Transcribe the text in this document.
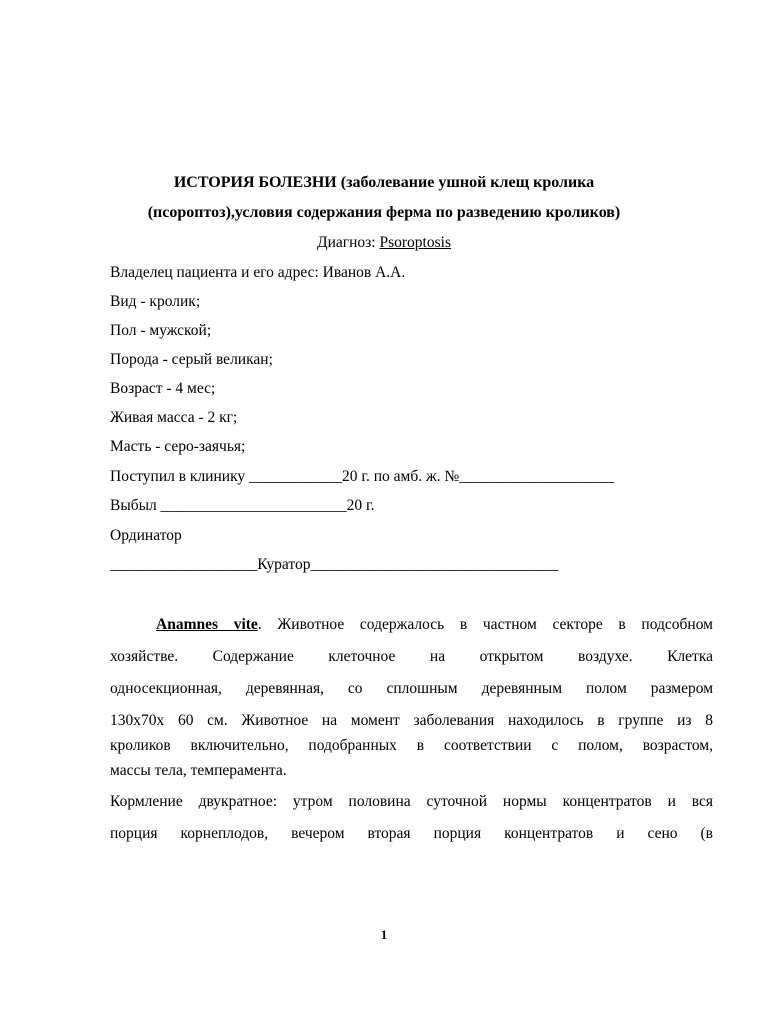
ИСТОРИЯ БОЛЕЗНИ (заболевание ушной клещ кролика
(псороптоз),условия содержания ферма по разведению кроликов)
Диагноз: Psoroptosis
Владелец пациента и его адрес: Иванов А.А.
Вид - кролик;
Пол - мужской;
Порода - серый великан;
Возраст - 4 мес;
Живая масса - 2 кг;
Масть - серо-заячья;
Поступил в клинику ____________20 г. по амб. ж. №____________________
Выбыл ________________________20 г.
Ординатор
___________________Куратор________________________________
Anamnes vite. Животное содержалось в частном секторе в подсобном
хозяйстве. Содержание клеточное на открытом воздухе. Клетка
односекционная, деревянная, со сплошным деревянным полом размером
130х70х 60 см. Животное на момент заболевания находилось в группе из 8
кроликов включительно, подобранных в соответствии с полом, возрастом,
массы тела, темперамента.
Кормление двукратное: утром половина суточной нормы концентратов и вся
порция корнеплодов, вечером вторая порция концентратов и сено (в
1
